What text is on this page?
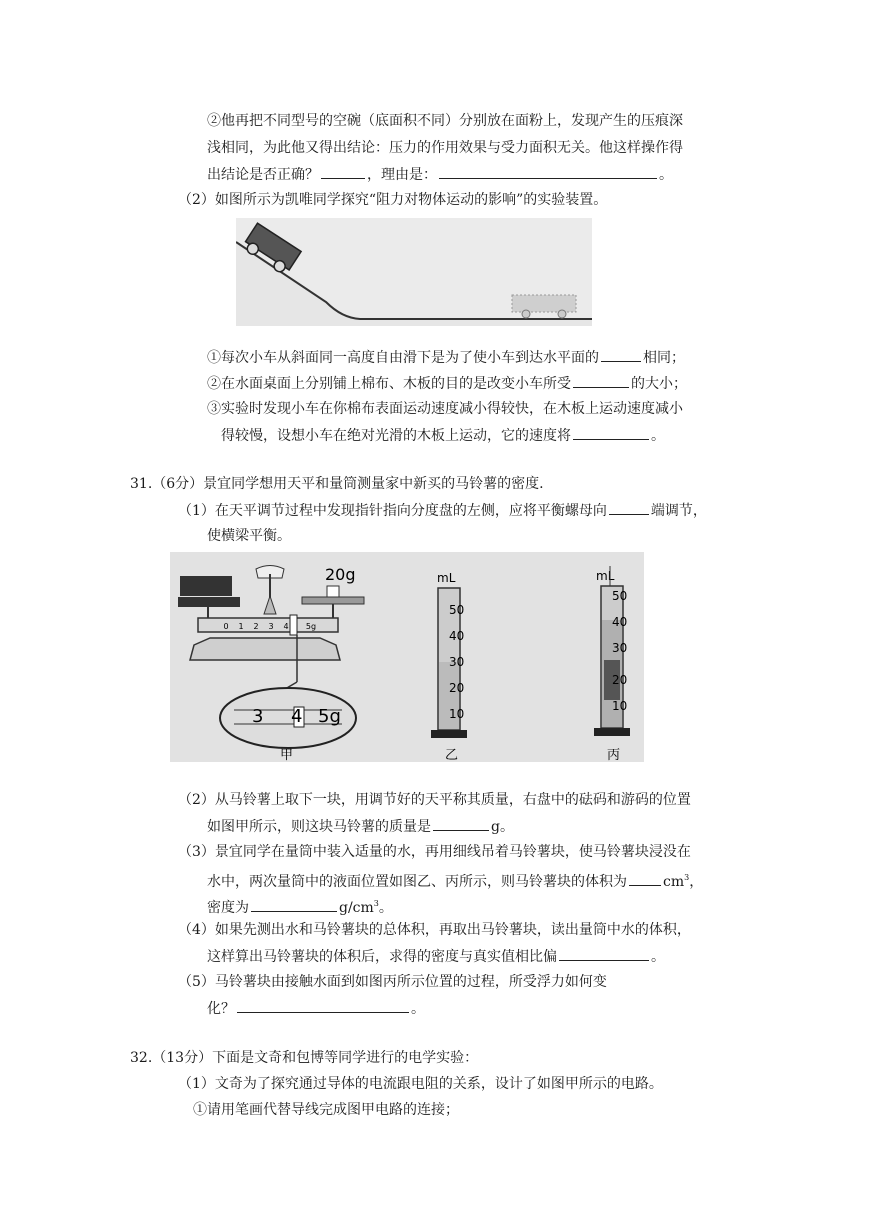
②他再把不同型号的空碗（底面积不同）分别放在面粉上，发现产生的压痕深
浅相同，为此他又得出结论：压力的作用效果与受力面积无关。他这样操作得
出结论是否正确？	，理由是：	。
（2）如图所示为凯唯同学探究“阻力对物体运动的影响”的实验装置。
①每次小车从斜面同一高度自由滑下是为了使小车到达水平面的	相同；
②在水面桌面上分别铺上棉布、木板的目的是改变小车所受	的大小；
③实验时发现小车在你棉布表面运动速度减小得较快，在木板上运动速度减小
得较慢，设想小车在绝对光滑的木板上运动，它的速度将	。
31.（6分）景宜同学想用天平和量筒测量家中新买的马铃薯的密度.
（1）在天平调节过程中发现指针指向分度盘的左侧，应将平衡螺母向	端调节，
使横梁平衡。
0 1 2 3 4 5g
20g
3 4 5g
甲
mL
50
40
30
20
10
乙
mL
50
40
30
20
10
丙
（2）从马铃薯上取下一块，用调节好的天平称其质量，右盘中的砝码和游码的位置
如图甲所示，则这块马铃薯的质量是	g。
（3）景宜同学在量筒中装入适量的水，再用细线吊着马铃薯块，使马铃薯块浸没在
水中，两次量筒中的液面位置如图乙、丙所示，则马铃薯块的体积为	$cm^3$，
密度为	$g/cm^3$。
（4）如果先测出水和马铃薯块的总体积，再取出马铃薯块，读出量筒中水的体积，
这样算出马铃薯块的体积后，求得的密度与真实值相比偏	。
（5）马铃薯块由接触水面到如图丙所示位置的过程，所受浮力如何变
化？	。
32.（13分）下面是文奇和包博等同学进行的电学实验：
（1）文奇为了探究通过导体的电流跟电阻的关系，设计了如图甲所示的电路。
①请用笔画代替导线完成图甲电路的连接；
